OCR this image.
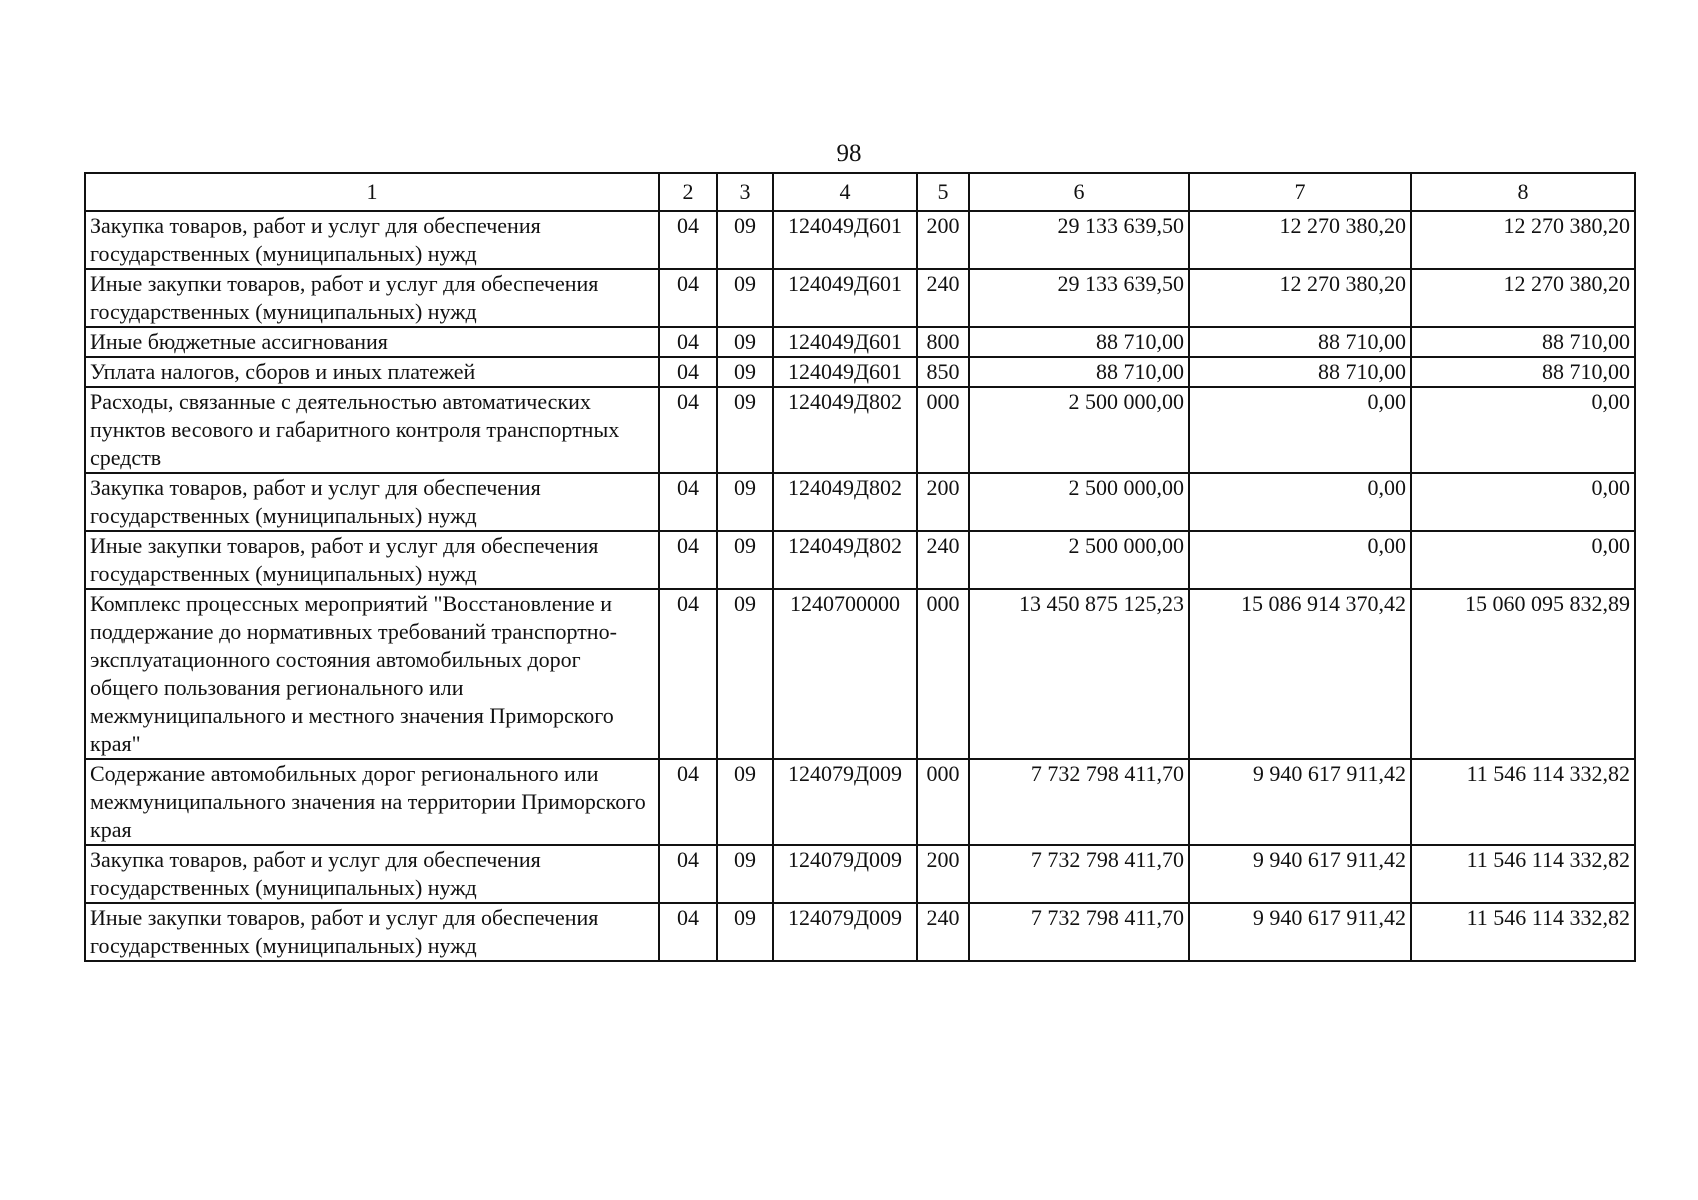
98
1	2	3	4	5	6	7	8
Закупка товаров, работ и услуг для обеспечения государственных (муниципальных) нужд	04	09	124049Д601	200	29 133 639,50	12 270 380,20	12 270 380,20
Иные закупки товаров, работ и услуг для обеспечения государственных (муниципальных) нужд	04	09	124049Д601	240	29 133 639,50	12 270 380,20	12 270 380,20
Иные бюджетные ассигнования	04	09	124049Д601	800	88 710,00	88 710,00	88 710,00
Уплата налогов, сборов и иных платежей	04	09	124049Д601	850	88 710,00	88 710,00	88 710,00
Расходы, связанные с деятельностью автоматических пунктов весового и габаритного контроля транспортных средств	04	09	124049Д802	000	2 500 000,00	0,00	0,00
Закупка товаров, работ и услуг для обеспечения государственных (муниципальных) нужд	04	09	124049Д802	200	2 500 000,00	0,00	0,00
Иные закупки товаров, работ и услуг для обеспечения государственных (муниципальных) нужд	04	09	124049Д802	240	2 500 000,00	0,00	0,00
Комплекс процессных мероприятий "Восстановление и поддержание до нормативных требований транспортно-эксплуатационного состояния автомобильных дорог общего пользования регионального или межмуниципального и местного значения Приморского края"	04	09	1240700000	000	13 450 875 125,23	15 086 914 370,42	15 060 095 832,89
Содержание автомобильных дорог регионального или межмуниципального значения на территории Приморского края	04	09	124079Д009	000	7 732 798 411,70	9 940 617 911,42	11 546 114 332,82
Закупка товаров, работ и услуг для обеспечения государственных (муниципальных) нужд	04	09	124079Д009	200	7 732 798 411,70	9 940 617 911,42	11 546 114 332,82
Иные закупки товаров, работ и услуг для обеспечения государственных (муниципальных) нужд	04	09	124079Д009	240	7 732 798 411,70	9 940 617 911,42	11 546 114 332,82
